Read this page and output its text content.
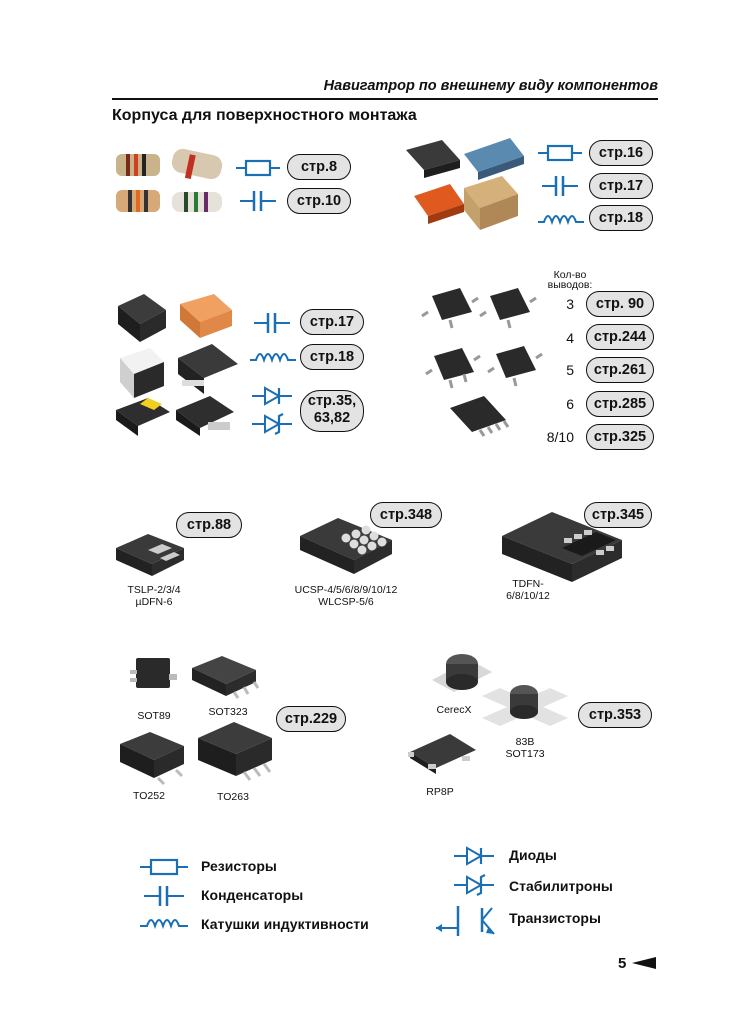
Навигатрор по внешнему виду компонентов
Корпуса для поверхностного монтажа
стр.8
стр.10
стр.16
стр.17
стр.18
стр.17
стр.18
стр.35,
63,82
Кол-во
выводов:
3	стр. 90
4	стр.244
5	стр.261
6	стр.285
8/10	стр.325
стр.88
TSLP-2/3/4
µDFN-6
стр.348
UCSP-4/5/6/8/9/10/12
WLCSP-5/6
стр.345
TDFN-
6/8/10/12
SOT89	SOT323
TO252	TO263
стр.229
CerecX
83B
SOT173
RP8P
стр.353
Резисторы
Конденсаторы
Катушки индуктивности
Диоды
Стабилитроны
Транзисторы
5
